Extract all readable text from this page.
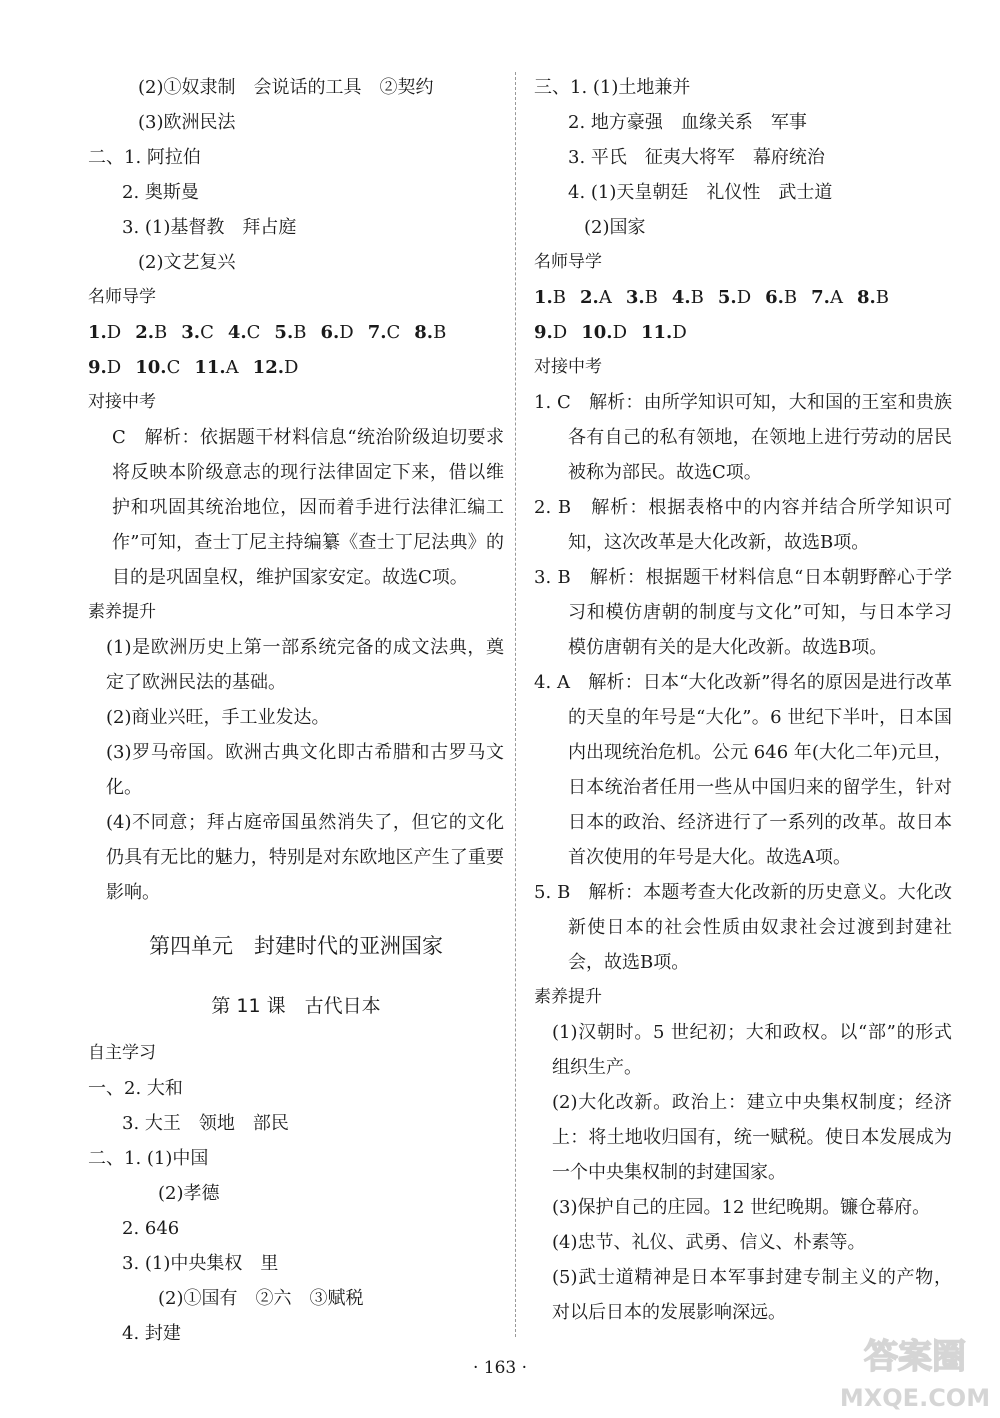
(2)①奴隶制　会说话的工具　②契约
(3)欧洲民法
二、1. 阿拉伯
2. 奥斯曼
3. (1)基督教　拜占庭
(2)文艺复兴
名师导学
1.D 2.B 3.C 4.C 5.B 6.D 7.C 8.B
9.D 10.C 11.A 12.D
对接中考
C　解析：依据题干材料信息“统治阶级迫切要求将反映本阶级意志的现行法律固定下来，借以维护和巩固其统治地位，因而着手进行法律汇编工作”可知，查士丁尼主持编纂《查士丁尼法典》的目的是巩固皇权，维护国家安定。故选C项。
素养提升
(1)是欧洲历史上第一部系统完备的成文法典，奠定了欧洲民法的基础。
(2)商业兴旺，手工业发达。
(3)罗马帝国。欧洲古典文化即古希腊和古罗马文化。
(4)不同意；拜占庭帝国虽然消失了，但它的文化仍具有无比的魅力，特别是对东欧地区产生了重要影响。
第四单元　封建时代的亚洲国家
第 11 课　古代日本
自主学习
一、2. 大和
3. 大王　领地　部民
二、1. (1)中国
(2)孝德
2. 646
3. (1)中央集权　里
(2)①国有　②六　③赋税
4. 封建
三、1. (1)土地兼并
2. 地方豪强　血缘关系　军事
3. 平氏　征夷大将军　幕府统治
4. (1)天皇朝廷　礼仪性　武士道
(2)国家
名师导学
1.B 2.A 3.B 4.B 5.D 6.B 7.A 8.B
9.D 10.D 11.D
对接中考
1. C　解析：由所学知识可知，大和国的王室和贵族各有自己的私有领地，在领地上进行劳动的居民被称为部民。故选C项。
2. B　解析：根据表格中的内容并结合所学知识可知，这次改革是大化改新，故选B项。
3. B　解析：根据题干材料信息“日本朝野醉心于学习和模仿唐朝的制度与文化”可知，与日本学习模仿唐朝有关的是大化改新。故选B项。
4. A　解析：日本“大化改新”得名的原因是进行改革的天皇的年号是“大化”。6 世纪下半叶，日本国内出现统治危机。公元 646 年(大化二年)元旦，日本统治者任用一些从中国归来的留学生，针对日本的政治、经济进行了一系列的改革。故日本首次使用的年号是大化。故选A项。
5. B　解析：本题考查大化改新的历史意义。大化改新使日本的社会性质由奴隶社会过渡到封建社会，故选B项。
素养提升
(1)汉朝时。5 世纪初；大和政权。以“部”的形式组织生产。
(2)大化改新。政治上：建立中央集权制度；经济上：将土地收归国有，统一赋税。使日本发展成为一个中央集权制的封建国家。
(3)保护自己的庄园。12 世纪晚期。镰仓幕府。
(4)忠节、礼仪、武勇、信义、朴素等。
(5)武士道精神是日本军事封建专制主义的产物，对以后日本的发展影响深远。
· 163 ·	答案圈
MXQE.COM
